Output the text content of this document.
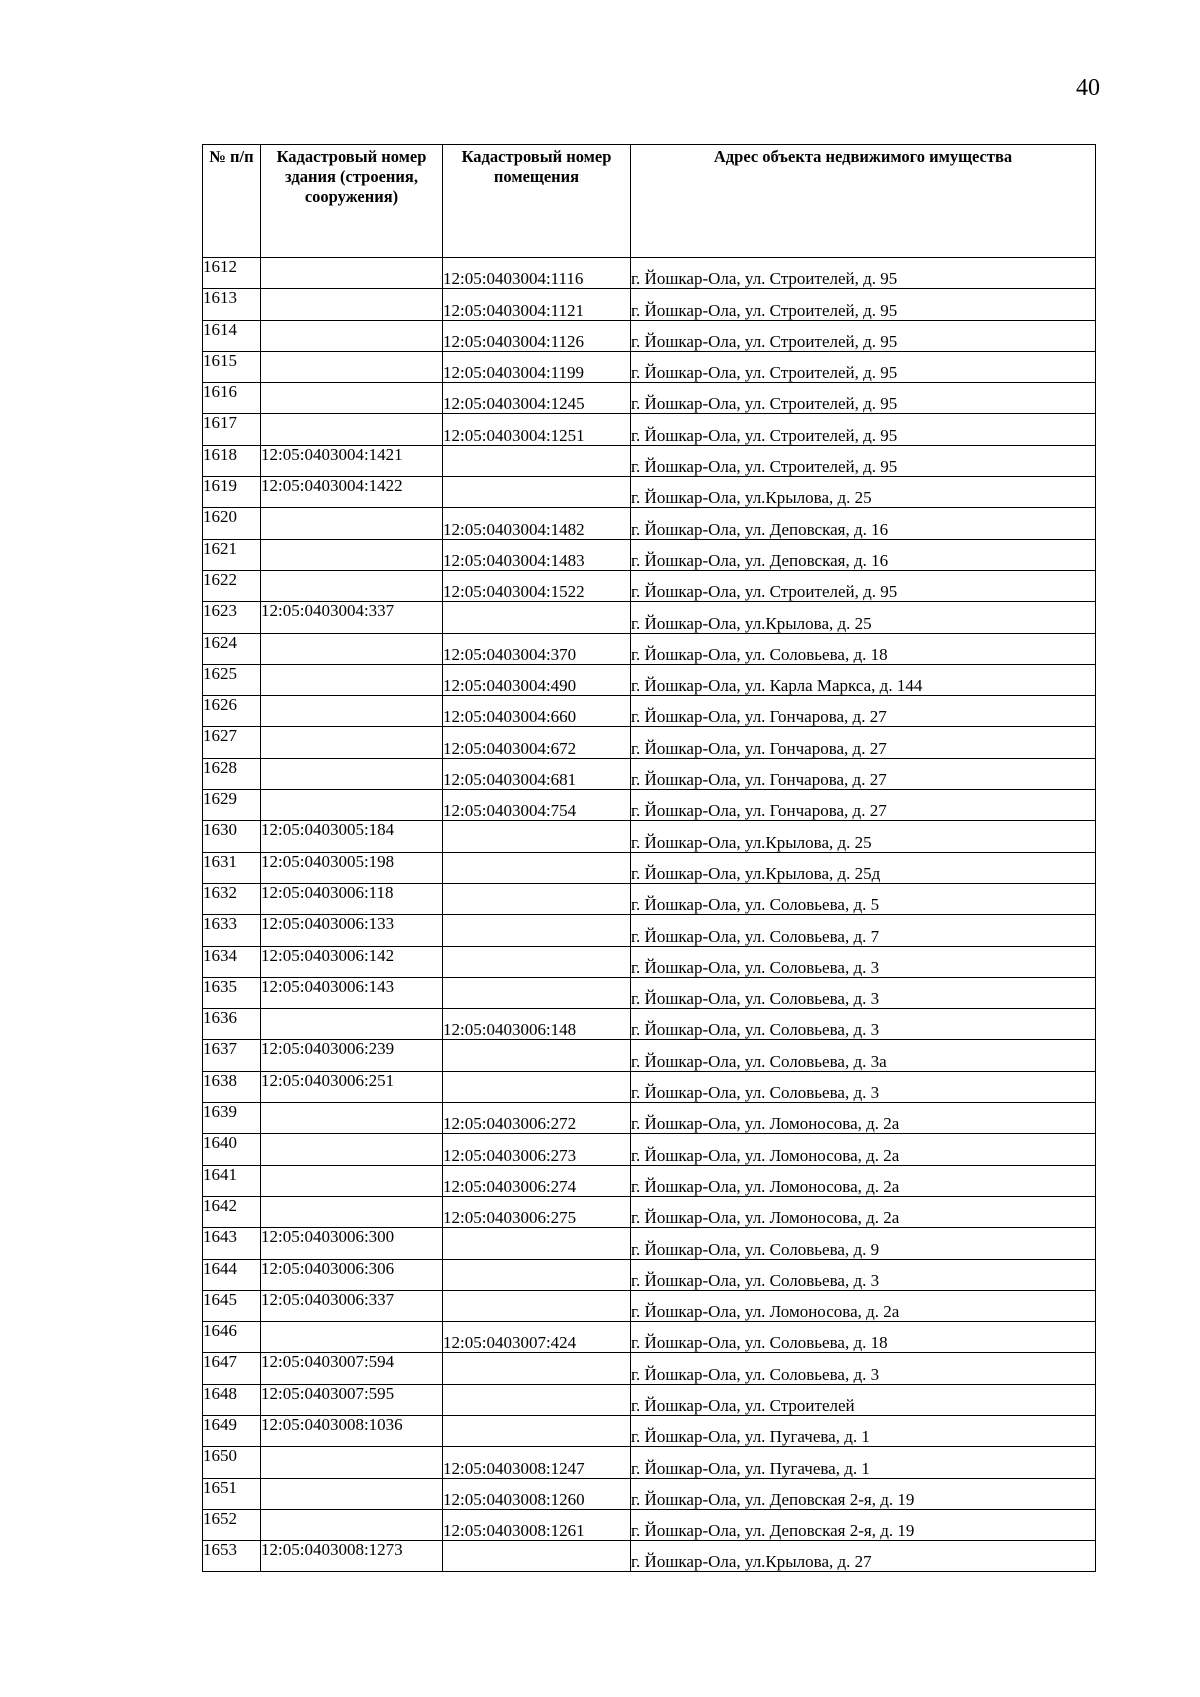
40
№ п/п	Кадастровый номер здания (строения, сооружения)	Кадастровый номер помещения	Адрес объекта недвижимого имущества
1612		12:05:0403004:1116	г. Йошкар-Ола, ул. Строителей, д. 95
1613		12:05:0403004:1121	г. Йошкар-Ола, ул. Строителей, д. 95
1614		12:05:0403004:1126	г. Йошкар-Ола, ул. Строителей, д. 95
1615		12:05:0403004:1199	г. Йошкар-Ола, ул. Строителей, д. 95
1616		12:05:0403004:1245	г. Йошкар-Ола, ул. Строителей, д. 95
1617		12:05:0403004:1251	г. Йошкар-Ола, ул. Строителей, д. 95
1618	12:05:0403004:1421		г. Йошкар-Ола, ул. Строителей, д. 95
1619	12:05:0403004:1422		г. Йошкар-Ола, ул.Крылова, д. 25
1620		12:05:0403004:1482	г. Йошкар-Ола, ул. Деповская, д. 16
1621		12:05:0403004:1483	г. Йошкар-Ола, ул. Деповская, д. 16
1622		12:05:0403004:1522	г. Йошкар-Ола, ул. Строителей, д. 95
1623	12:05:0403004:337		г. Йошкар-Ола, ул.Крылова, д. 25
1624		12:05:0403004:370	г. Йошкар-Ола, ул. Соловьева, д. 18
1625		12:05:0403004:490	г. Йошкар-Ола, ул. Карла Маркса, д. 144
1626		12:05:0403004:660	г. Йошкар-Ола, ул. Гончарова, д. 27
1627		12:05:0403004:672	г. Йошкар-Ола, ул. Гончарова, д. 27
1628		12:05:0403004:681	г. Йошкар-Ола, ул. Гончарова, д. 27
1629		12:05:0403004:754	г. Йошкар-Ола, ул. Гончарова, д. 27
1630	12:05:0403005:184		г. Йошкар-Ола, ул.Крылова, д. 25
1631	12:05:0403005:198		г. Йошкар-Ола, ул.Крылова, д. 25д
1632	12:05:0403006:118		г. Йошкар-Ола, ул. Соловьева, д. 5
1633	12:05:0403006:133		г. Йошкар-Ола, ул. Соловьева, д. 7
1634	12:05:0403006:142		г. Йошкар-Ола, ул. Соловьева, д. 3
1635	12:05:0403006:143		г. Йошкар-Ола, ул. Соловьева, д. 3
1636		12:05:0403006:148	г. Йошкар-Ола, ул. Соловьева, д. 3
1637	12:05:0403006:239		г. Йошкар-Ола, ул. Соловьева, д. 3а
1638	12:05:0403006:251		г. Йошкар-Ола, ул. Соловьева, д. 3
1639		12:05:0403006:272	г. Йошкар-Ола, ул. Ломоносова, д. 2а
1640		12:05:0403006:273	г. Йошкар-Ола, ул. Ломоносова, д. 2а
1641		12:05:0403006:274	г. Йошкар-Ола, ул. Ломоносова, д. 2а
1642		12:05:0403006:275	г. Йошкар-Ола, ул. Ломоносова, д. 2а
1643	12:05:0403006:300		г. Йошкар-Ола, ул. Соловьева, д. 9
1644	12:05:0403006:306		г. Йошкар-Ола, ул. Соловьева, д. 3
1645	12:05:0403006:337		г. Йошкар-Ола, ул. Ломоносова, д. 2а
1646		12:05:0403007:424	г. Йошкар-Ола, ул. Соловьева, д. 18
1647	12:05:0403007:594		г. Йошкар-Ола, ул. Соловьева, д. 3
1648	12:05:0403007:595		г. Йошкар-Ола, ул. Строителей
1649	12:05:0403008:1036		г. Йошкар-Ола, ул. Пугачева, д. 1
1650		12:05:0403008:1247	г. Йошкар-Ола, ул. Пугачева, д. 1
1651		12:05:0403008:1260	г. Йошкар-Ола, ул. Деповская 2-я, д. 19
1652		12:05:0403008:1261	г. Йошкар-Ола, ул. Деповская 2-я, д. 19
1653	12:05:0403008:1273		г. Йошкар-Ола, ул.Крылова, д. 27
